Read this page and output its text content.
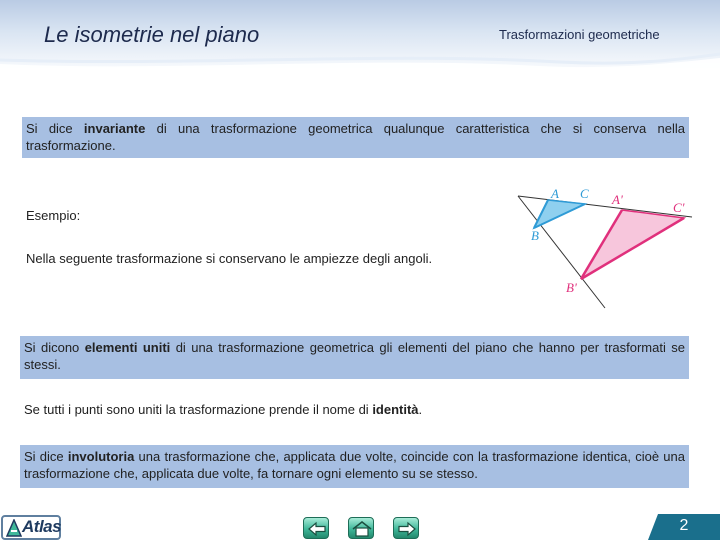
Le isometrie nel piano	Trasformazioni geometriche
Si dice invariante di una trasformazione geometrica qualunque caratteristica che si conserva nella trasformazione.
Esempio:
Nella seguente trasformazione si conservano le ampiezze degli angoli.
A C
B
A'
C'
B'
Si dicono elementi uniti di una trasformazione geometrica gli elementi del piano che hanno per trasformati se stessi.
Se tutti i punti sono uniti la trasformazione prende il nome di identità.
Si dice involutoria una trasformazione che, applicata due volte, coincide con la trasformazione identica, cioè una trasformazione che, applicata due volte, fa tornare ogni elemento su se stesso.
Atlas	2
